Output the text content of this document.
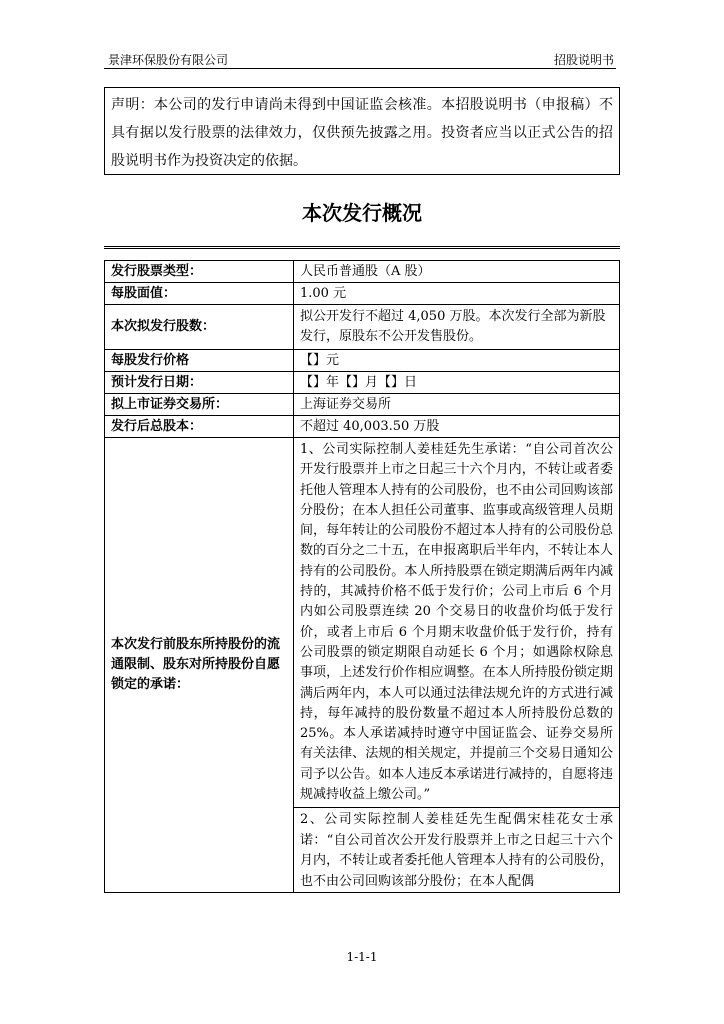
景津环保股份有限公司	招股说明书
声明：本公司的发行申请尚未得到中国证监会核准。本招股说明书（申报稿）不具有据以发行股票的法律效力，仅供预先披露之用。投资者应当以正式公告的招股说明书作为投资决定的依据。
本次发行概况
发行股票类型：	人民币普通股（A 股）
每股面值：	1.00 元
本次拟发行股数：	拟公开发行不超过 4,050 万股。本次发行全部为新股发行，原股东不公开发售股份。
每股发行价格	【】元
预计发行日期：	【】年【】月【】日
拟上市证券交易所：	上海证券交易所
发行后总股本：	不超过 40,003.50 万股
本次发行前股东所持股份的流通限制、股东对所持股份自愿锁定的承诺：	1、公司实际控制人姜桂廷先生承诺：“自公司首次公开发行股票并上市之日起三十六个月内，不转让或者委托他人管理本人持有的公司股份，也不由公司回购该部分股份；在本人担任公司董事、监事或高级管理人员期间，每年转让的公司股份不超过本人持有的公司股份总数的百分之二十五，在申报离职后半年内，不转让本人持有的公司股份。本人所持股票在锁定期满后两年内减持的，其减持价格不低于发行价；公司上市后 6 个月内如公司股票连续 20 个交易日的收盘价均低于发行价，或者上市后 6 个月期末收盘价低于发行价，持有公司股票的锁定期限自动延长 6 个月；如遇除权除息事项，上述发行价作相应调整。在本人所持股份锁定期满后两年内，本人可以通过法律法规允许的方式进行减持，每年减持的股份数量不超过本人所持股份总数的 25%。本人承诺减持时遵守中国证监会、证券交易所有关法律、法规的相关规定，并提前三个交易日通知公司予以公告。如本人违反本承诺进行减持的，自愿将违规减持收益上缴公司。”

	2、公司实际控制人姜桂廷先生配偶宋桂花女士承诺：“自公司首次公开发行股票并上市之日起三十六个月内，不转让或者委托他人管理本人持有的公司股份，也不由公司回购该部分股份；在本人配偶

1-1-1
